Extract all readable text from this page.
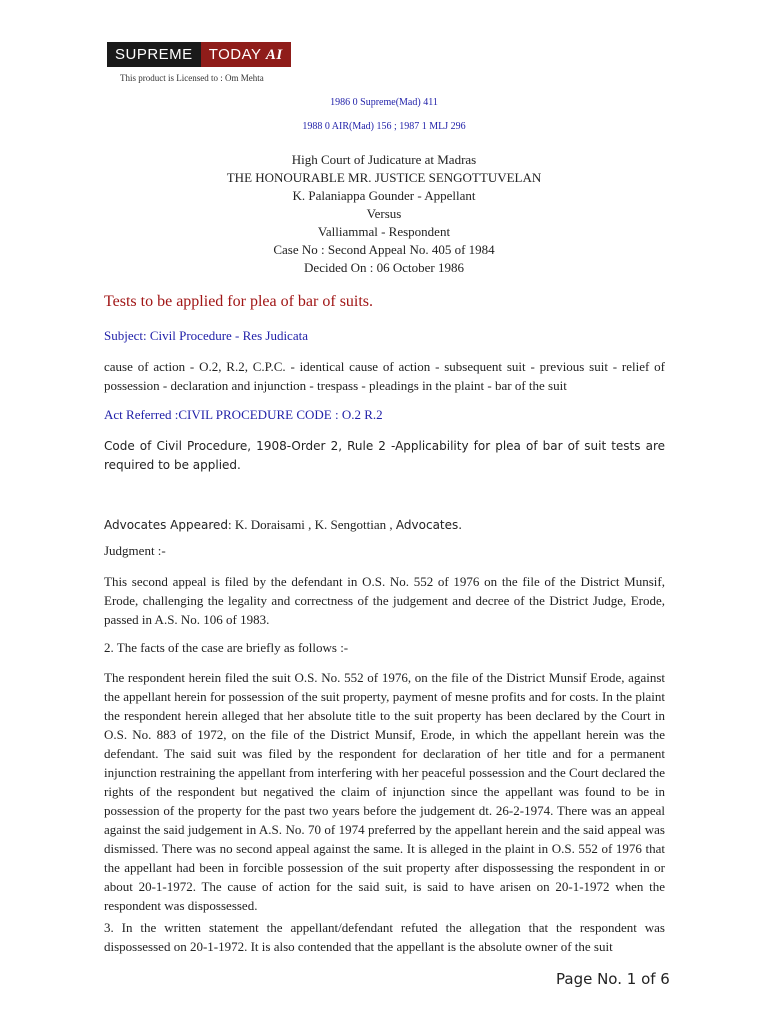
SUPREME	TODAY AI
This product is Licensed to : Om Mehta
1986 0 Supreme(Mad) 411
1988 0 AIR(Mad) 156 ; 1987 1 MLJ 296
High Court of Judicature at Madras
THE HONOURABLE MR. JUSTICE SENGOTTUVELAN
K. Palaniappa Gounder - Appellant
Versus
Valliammal - Respondent
Case No : Second Appeal No. 405 of 1984
Decided On : 06 October 1986
Tests to be applied for plea of bar of suits.
Subject: Civil Procedure - Res Judicata
cause of action - O.2, R.2, C.P.C. - identical cause of action - subsequent suit - previous suit - relief of possession - declaration and injunction - trespass - pleadings in the plaint - bar of the suit
Act Referred :CIVIL PROCEDURE CODE : O.2 R.2
Code of Civil Procedure, 1908-Order 2, Rule 2 -Applicability for plea of bar of suit tests are required to be applied.
Advocates Appeared: K. Doraisami , K. Sengottian , Advocates.
Judgment :-
This second appeal is filed by the defendant in O.S. No. 552 of 1976 on the file of the District Munsif, Erode, challenging the legality and correctness of the judgement and decree of the District Judge, Erode, passed in A.S. No. 106 of 1983.
2. The facts of the case are briefly as follows :-
The respondent herein filed the suit O.S. No. 552 of 1976, on the file of the District Munsif Erode, against the appellant herein for possession of the suit property, payment of mesne profits and for costs. In the plaint the respondent herein alleged that her absolute title to the suit property has been declared by the Court in O.S. No. 883 of 1972, on the file of the District Munsif, Erode, in which the appellant herein was the defendant. The said suit was filed by the respondent for declaration of her title and for a permanent injunction restraining the appellant from interfering with her peaceful possession and the Court declared the rights of the respondent but negatived the claim of injunction since the appellant was found to be in possession of the property for the past two years before the judgement dt. 26-2-1974. There was an appeal against the said judgement in A.S. No. 70 of 1974 preferred by the appellant herein and the said appeal was dismissed. There was no second appeal against the same. It is alleged in the plaint in O.S. 552 of 1976 that the appellant had been in forcible possession of the suit property after dispossessing the respondent in or about 20-1-1972. The cause of action for the said suit, is said to have arisen on 20-1-1972 when the respondent was dispossessed.
3. In the written statement the appellant/defendant refuted the allegation that the respondent was dispossessed on 20-1-1972. It is also contended that the appellant is the absolute owner of the suit
Page No. 1 of 6
